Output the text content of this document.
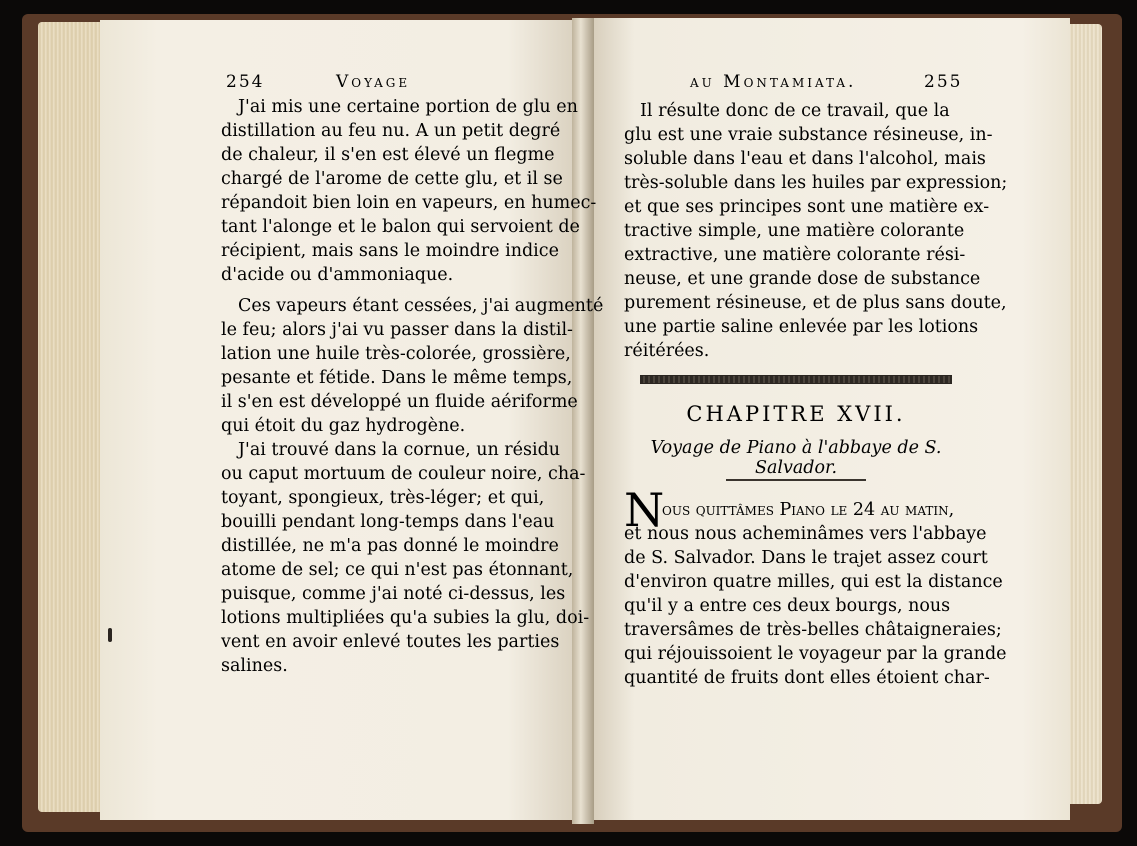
254	Voyage
J'ai mis une certaine portion de glu en
distillation au feu nu. A un petit degré
de chaleur, il s'en est élevé un flegme
chargé de l'arome de cette glu, et il se
répandoit bien loin en vapeurs, en humec-
tant l'alonge et le balon qui servoient de
récipient, mais sans le moindre indice
d'acide ou d'ammoniaque.
Ces vapeurs étant cessées, j'ai augmenté
le feu; alors j'ai vu passer dans la distil-
lation une huile très-colorée, grossière,
pesante et fétide. Dans le même temps,
il s'en est développé un fluide aériforme
qui étoit du gaz hydrogène.
J'ai trouvé dans la cornue, un résidu
ou caput mortuum de couleur noire, cha-
toyant, spongieux, très-léger; et qui,
bouilli pendant long-temps dans l'eau
distillée, ne m'a pas donné le moindre
atome de sel; ce qui n'est pas étonnant,
puisque, comme j'ai noté ci-dessus, les
lotions multipliées qu'a subies la glu, doi-
vent en avoir enlevé toutes les parties
salines.
au Montamiata.	255
Il résulte donc de ce travail, que la
glu est une vraie substance résineuse, in-
soluble dans l'eau et dans l'alcohol, mais
très-soluble dans les huiles par expression;
et que ses principes sont une matière ex-
tractive simple, une matière colorante
extractive, une matière colorante rési-
neuse, et une grande dose de substance
purement résineuse, et de plus sans doute,
une partie saline enlevée par les lotions
réitérées.
CHAPITRE XVII.
Voyage de Piano à l'abbaye de S. Salvador.
N
ous quittâmes Piano le 24 au matin,
et nous nous acheminâmes vers l'abbaye
de S. Salvador. Dans le trajet assez court
d'environ quatre milles, qui est la distance
qu'il y a entre ces deux bourgs, nous
traversâmes de très-belles châtaigneraies;
qui réjouissoient le voyageur par la grande
quantité de fruits dont elles étoient char-
